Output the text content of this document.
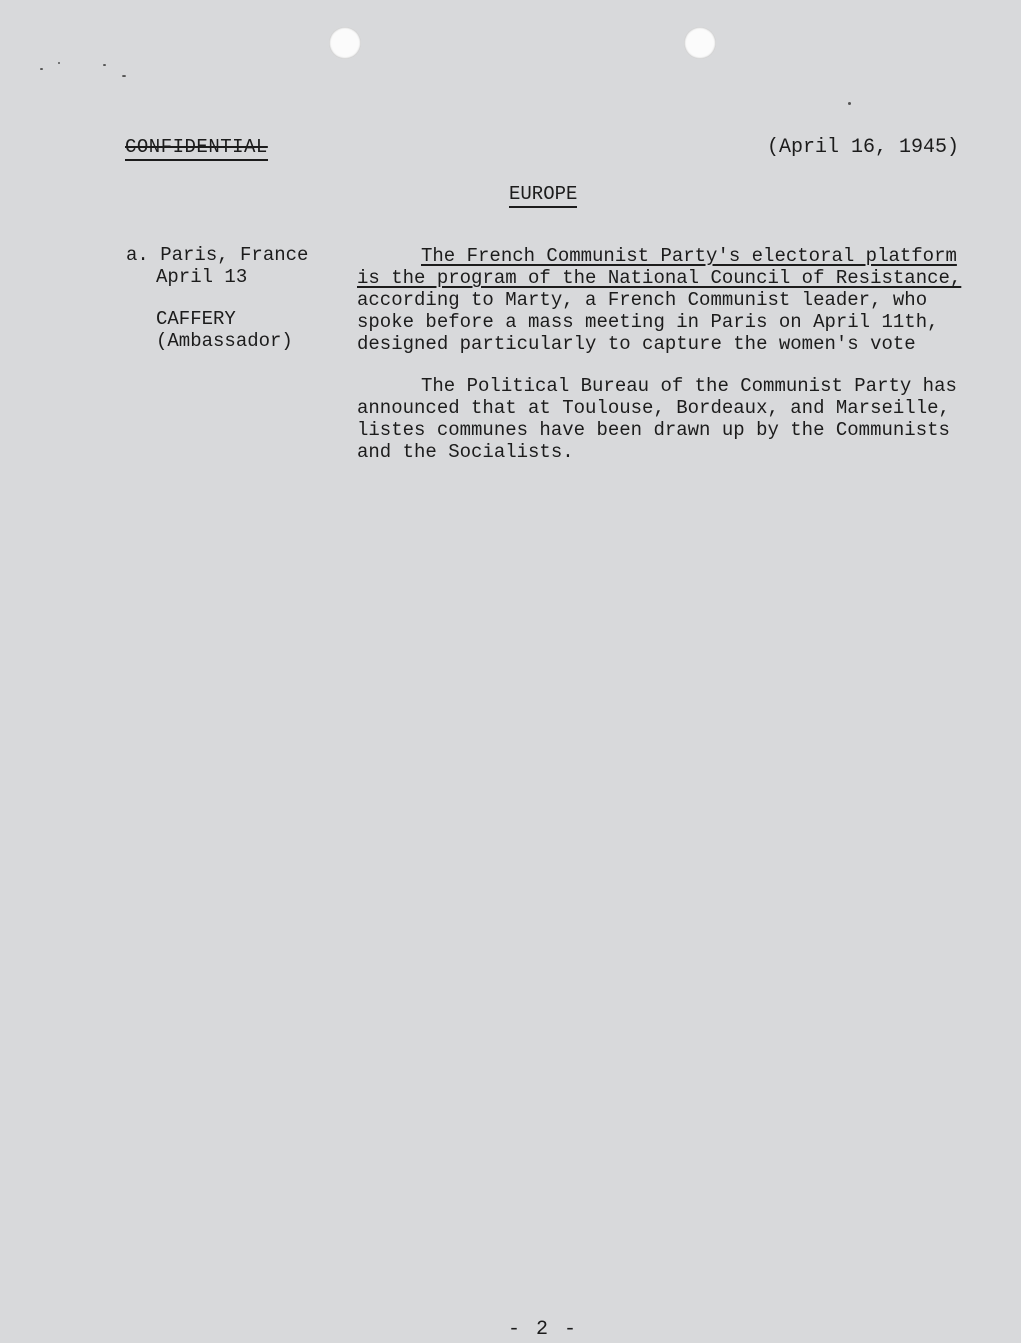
CONFIDENTIAL	(April 16, 1945)
EUROPE
a. Paris, France
April 13
CAFFERY
(Ambassador)

The French Communist Party's electoral platform is the program of the National Council of Resistance, according to Marty, a French Communist leader, who spoke before a mass meeting in Paris on April 11th, designed particularly to capture the women's vote

The Political Bureau of the Communist Party has announced that at Toulouse, Bordeaux, and Marseille, listes communes have been drawn up by the Communists and the Socialists.

- 2 -
